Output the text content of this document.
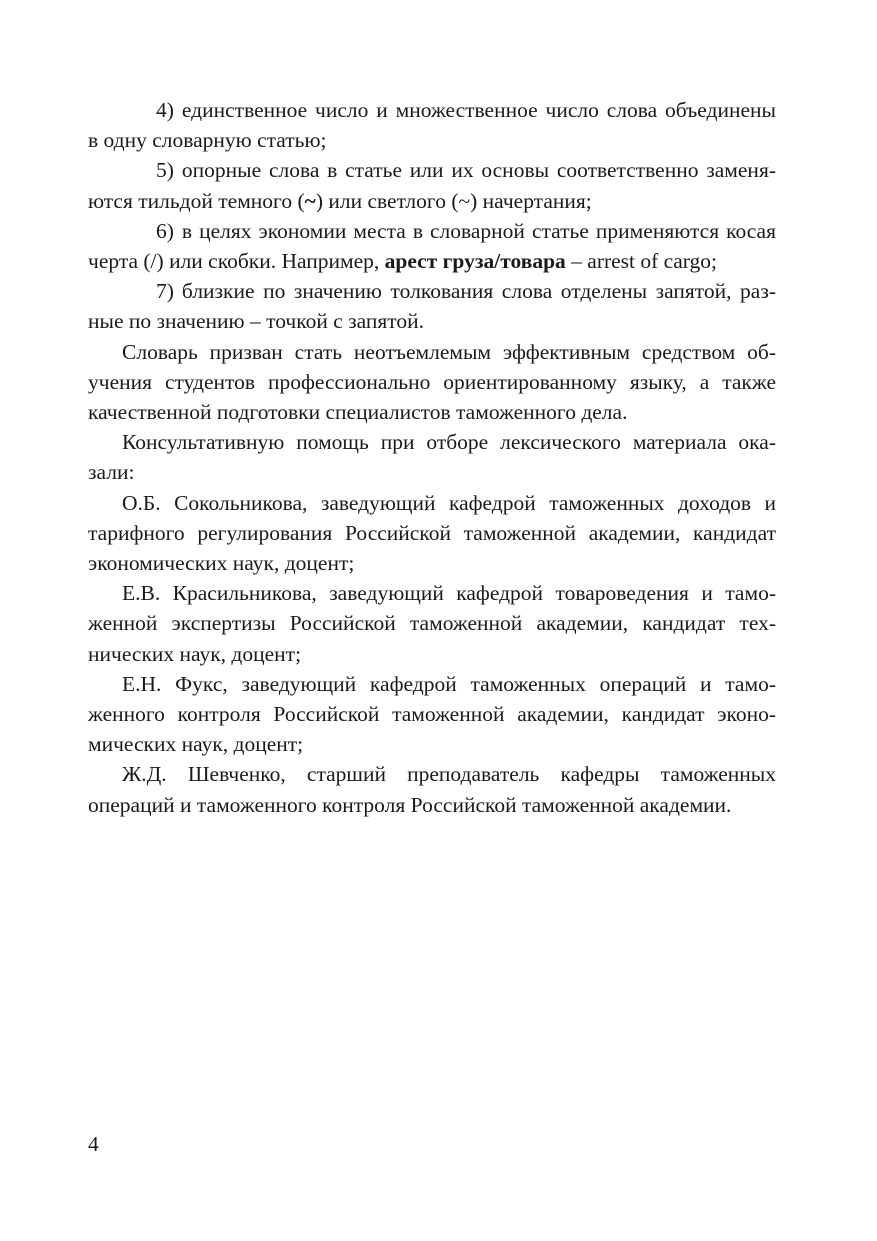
4) единственное число и множественное число слова объединены в одну словарную статью;

5) опорные слова в статье или их основы соответственно заменяются тильдой темного (~) или светлого (~) начертания;

6) в целях экономии места в словарной статье применяются косая черта (/) или скобки. Например, арест груза/товара – arrest of cargo;

7) близкие по значению толкования слова отделены запятой, разные по значению – точкой с запятой.

Словарь призван стать неотъемлемым эффективным средством обучения студентов профессионально ориентированному языку, а также качественной подготовки специалистов таможенного дела.

Консультативную помощь при отборе лексического материала оказали:

О.Б. Сокольникова, заведующий кафедрой таможенных доходов и тарифного регулирования Российской таможенной академии, кандидат экономических наук, доцент;

Е.В. Красильникова, заведующий кафедрой товароведения и таможенной экспертизы Российской таможенной академии, кандидат технических наук, доцент;

Е.Н. Фукс, заведующий кафедрой таможенных операций и таможенного контроля Российской таможенной академии, кандидат экономических наук, доцент;

Ж.Д. Шевченко, старший преподаватель кафедры таможенных операций и таможенного контроля Российской таможенной академии.

4
